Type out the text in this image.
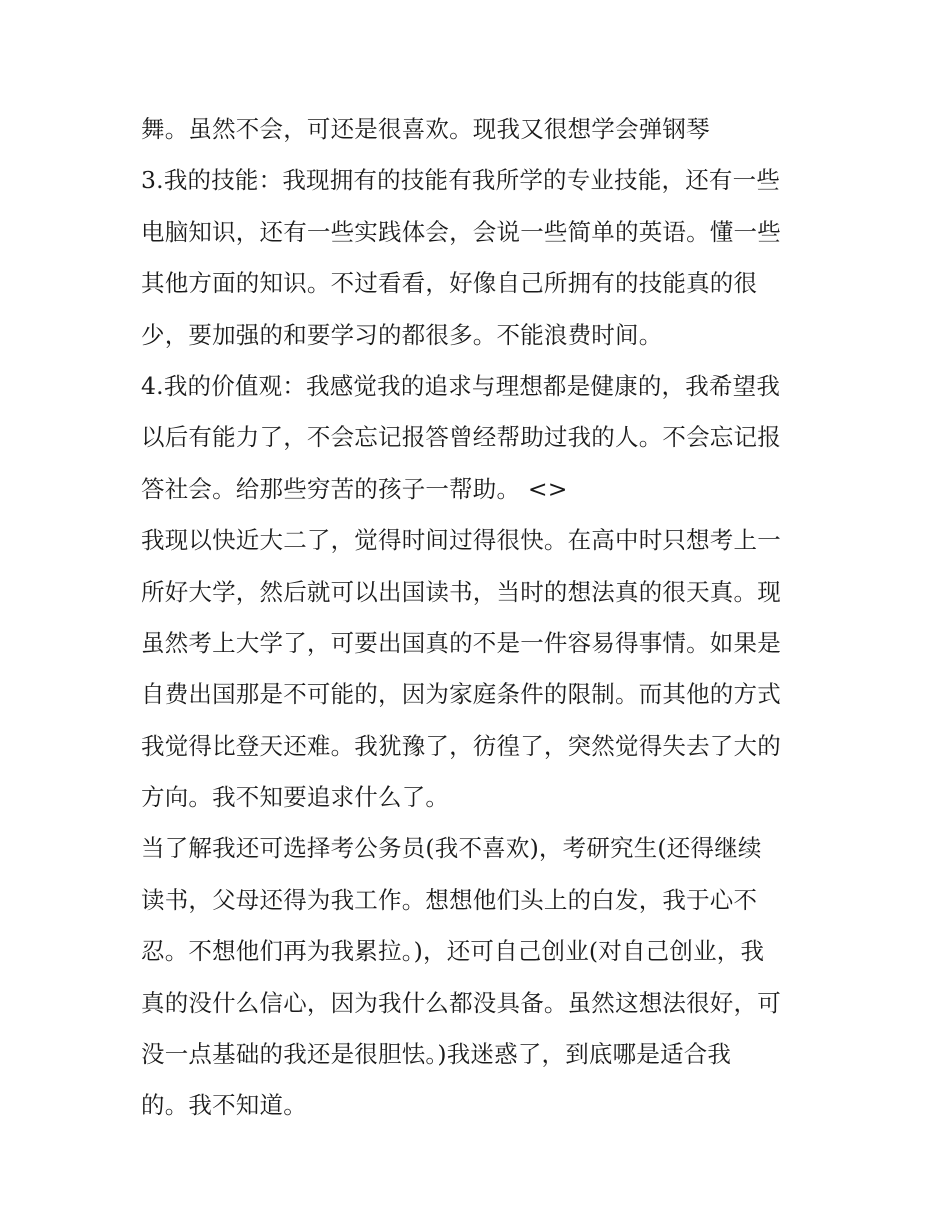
舞。虽然不会，可还是很喜欢。现我又很想学会弹钢琴
3.我的技能：我现拥有的技能有我所学的专业技能，还有一些
电脑知识，还有一些实践体会，会说一些简单的英语。懂一些
其他方面的知识。不过看看，好像自己所拥有的技能真的很
少，要加强的和要学习的都很多。不能浪费时间。
4.我的价值观：我感觉我的追求与理想都是健康的，我希望我
以后有能力了，不会忘记报答曾经帮助过我的人。不会忘记报
答社会。给那些穷苦的孩子一帮助。 <>
我现以快近大二了，觉得时间过得很快。在高中时只想考上一
所好大学，然后就可以出国读书，当时的想法真的很天真。现
虽然考上大学了，可要出国真的不是一件容易得事情。如果是
自费出国那是不可能的，因为家庭条件的限制。而其他的方式
我觉得比登天还难。我犹豫了，彷徨了，突然觉得失去了大的
方向。我不知要追求什么了。
当了解我还可选择考公务员(我不喜欢)，考研究生(还得继续
读书，父母还得为我工作。想想他们头上的白发，我于心不
忍。不想他们再为我累拉。)，还可自己创业(对自己创业，我
真的没什么信心，因为我什么都没具备。虽然这想法很好，可
没一点基础的我还是很胆怯。)我迷惑了，到底哪是适合我
的。我不知道。
